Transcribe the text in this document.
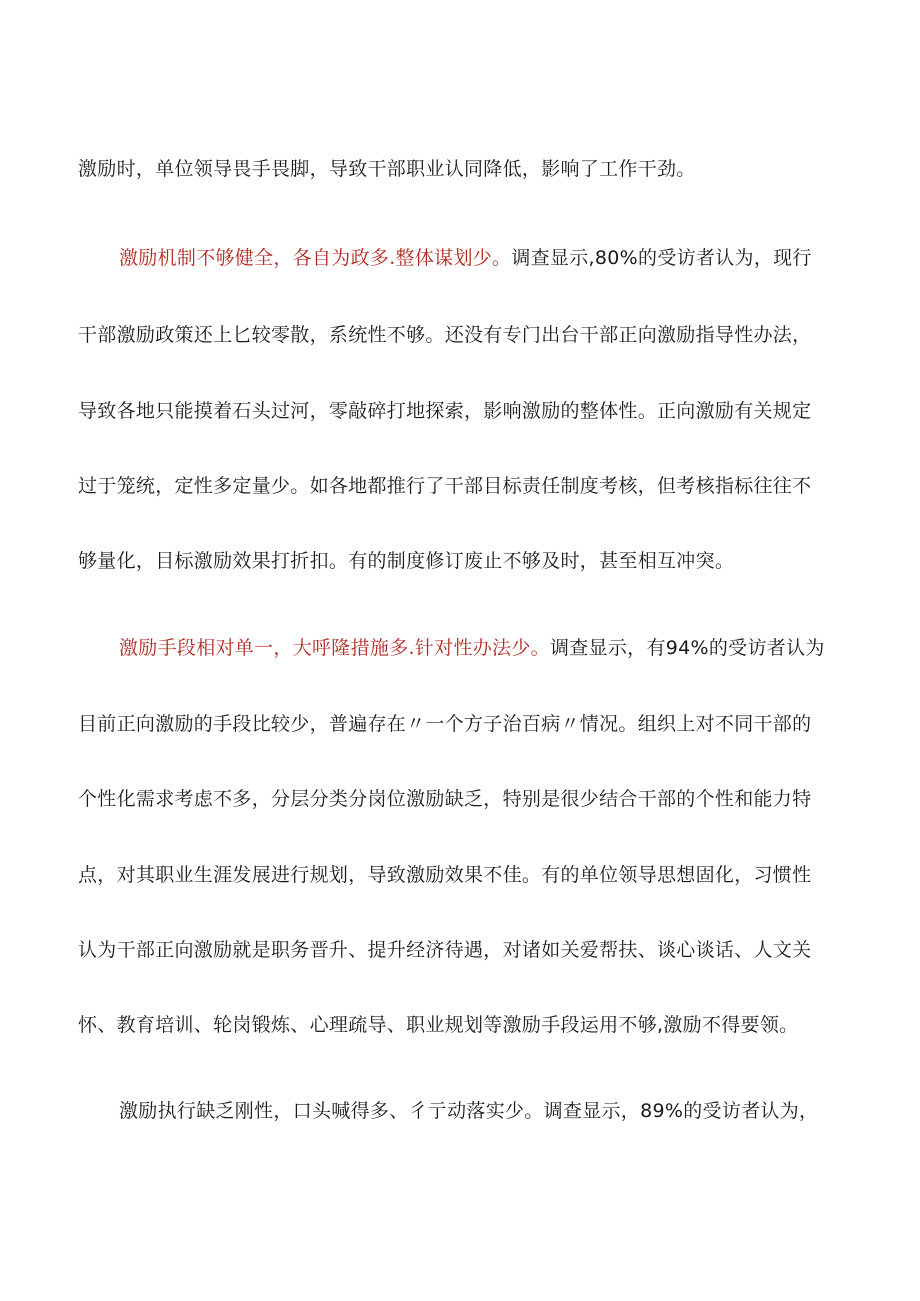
激励时，单位领导畏手畏脚，导致干部职业认同降低，影响了工作干劲。
激励机制不够健全，各自为政多.整体谋划少。调查显示,80%的受访者认为，现行
干部激励政策还上匕较零散，系统性不够。还没有专门出台干部正向激励指导性办法，
导致各地只能摸着石头过河，零敲碎打地探索，影响激励的整体性。正向激励有关规定
过于笼统，定性多定量少。如各地都推行了干部目标责任制度考核，但考核指标往往不
够量化，目标激励效果打折扣。有的制度修订废止不够及时，甚至相互冲突。
激励手段相对单一，大呼隆措施多.针对性办法少。调查显示，有94%的受访者认为
目前正向激励的手段比较少，普遍存在〃一个方子治百病〃情况。组织上对不同干部的
个性化需求考虑不多，分层分类分岗位激励缺乏，特别是很少结合干部的个性和能力特
点，对其职业生涯发展进行规划，导致激励效果不佳。有的单位领导思想固化，习惯性
认为干部正向激励就是职务晋升、提升经济待遇，对诸如关爱帮扶、谈心谈话、人文关
怀、教育培训、轮岗锻炼、心理疏导、职业规划等激励手段运用不够,激励不得要领。
激励执行缺乏刚性，口头喊得多、彳亍动落实少。调查显示，89%的受访者认为，
